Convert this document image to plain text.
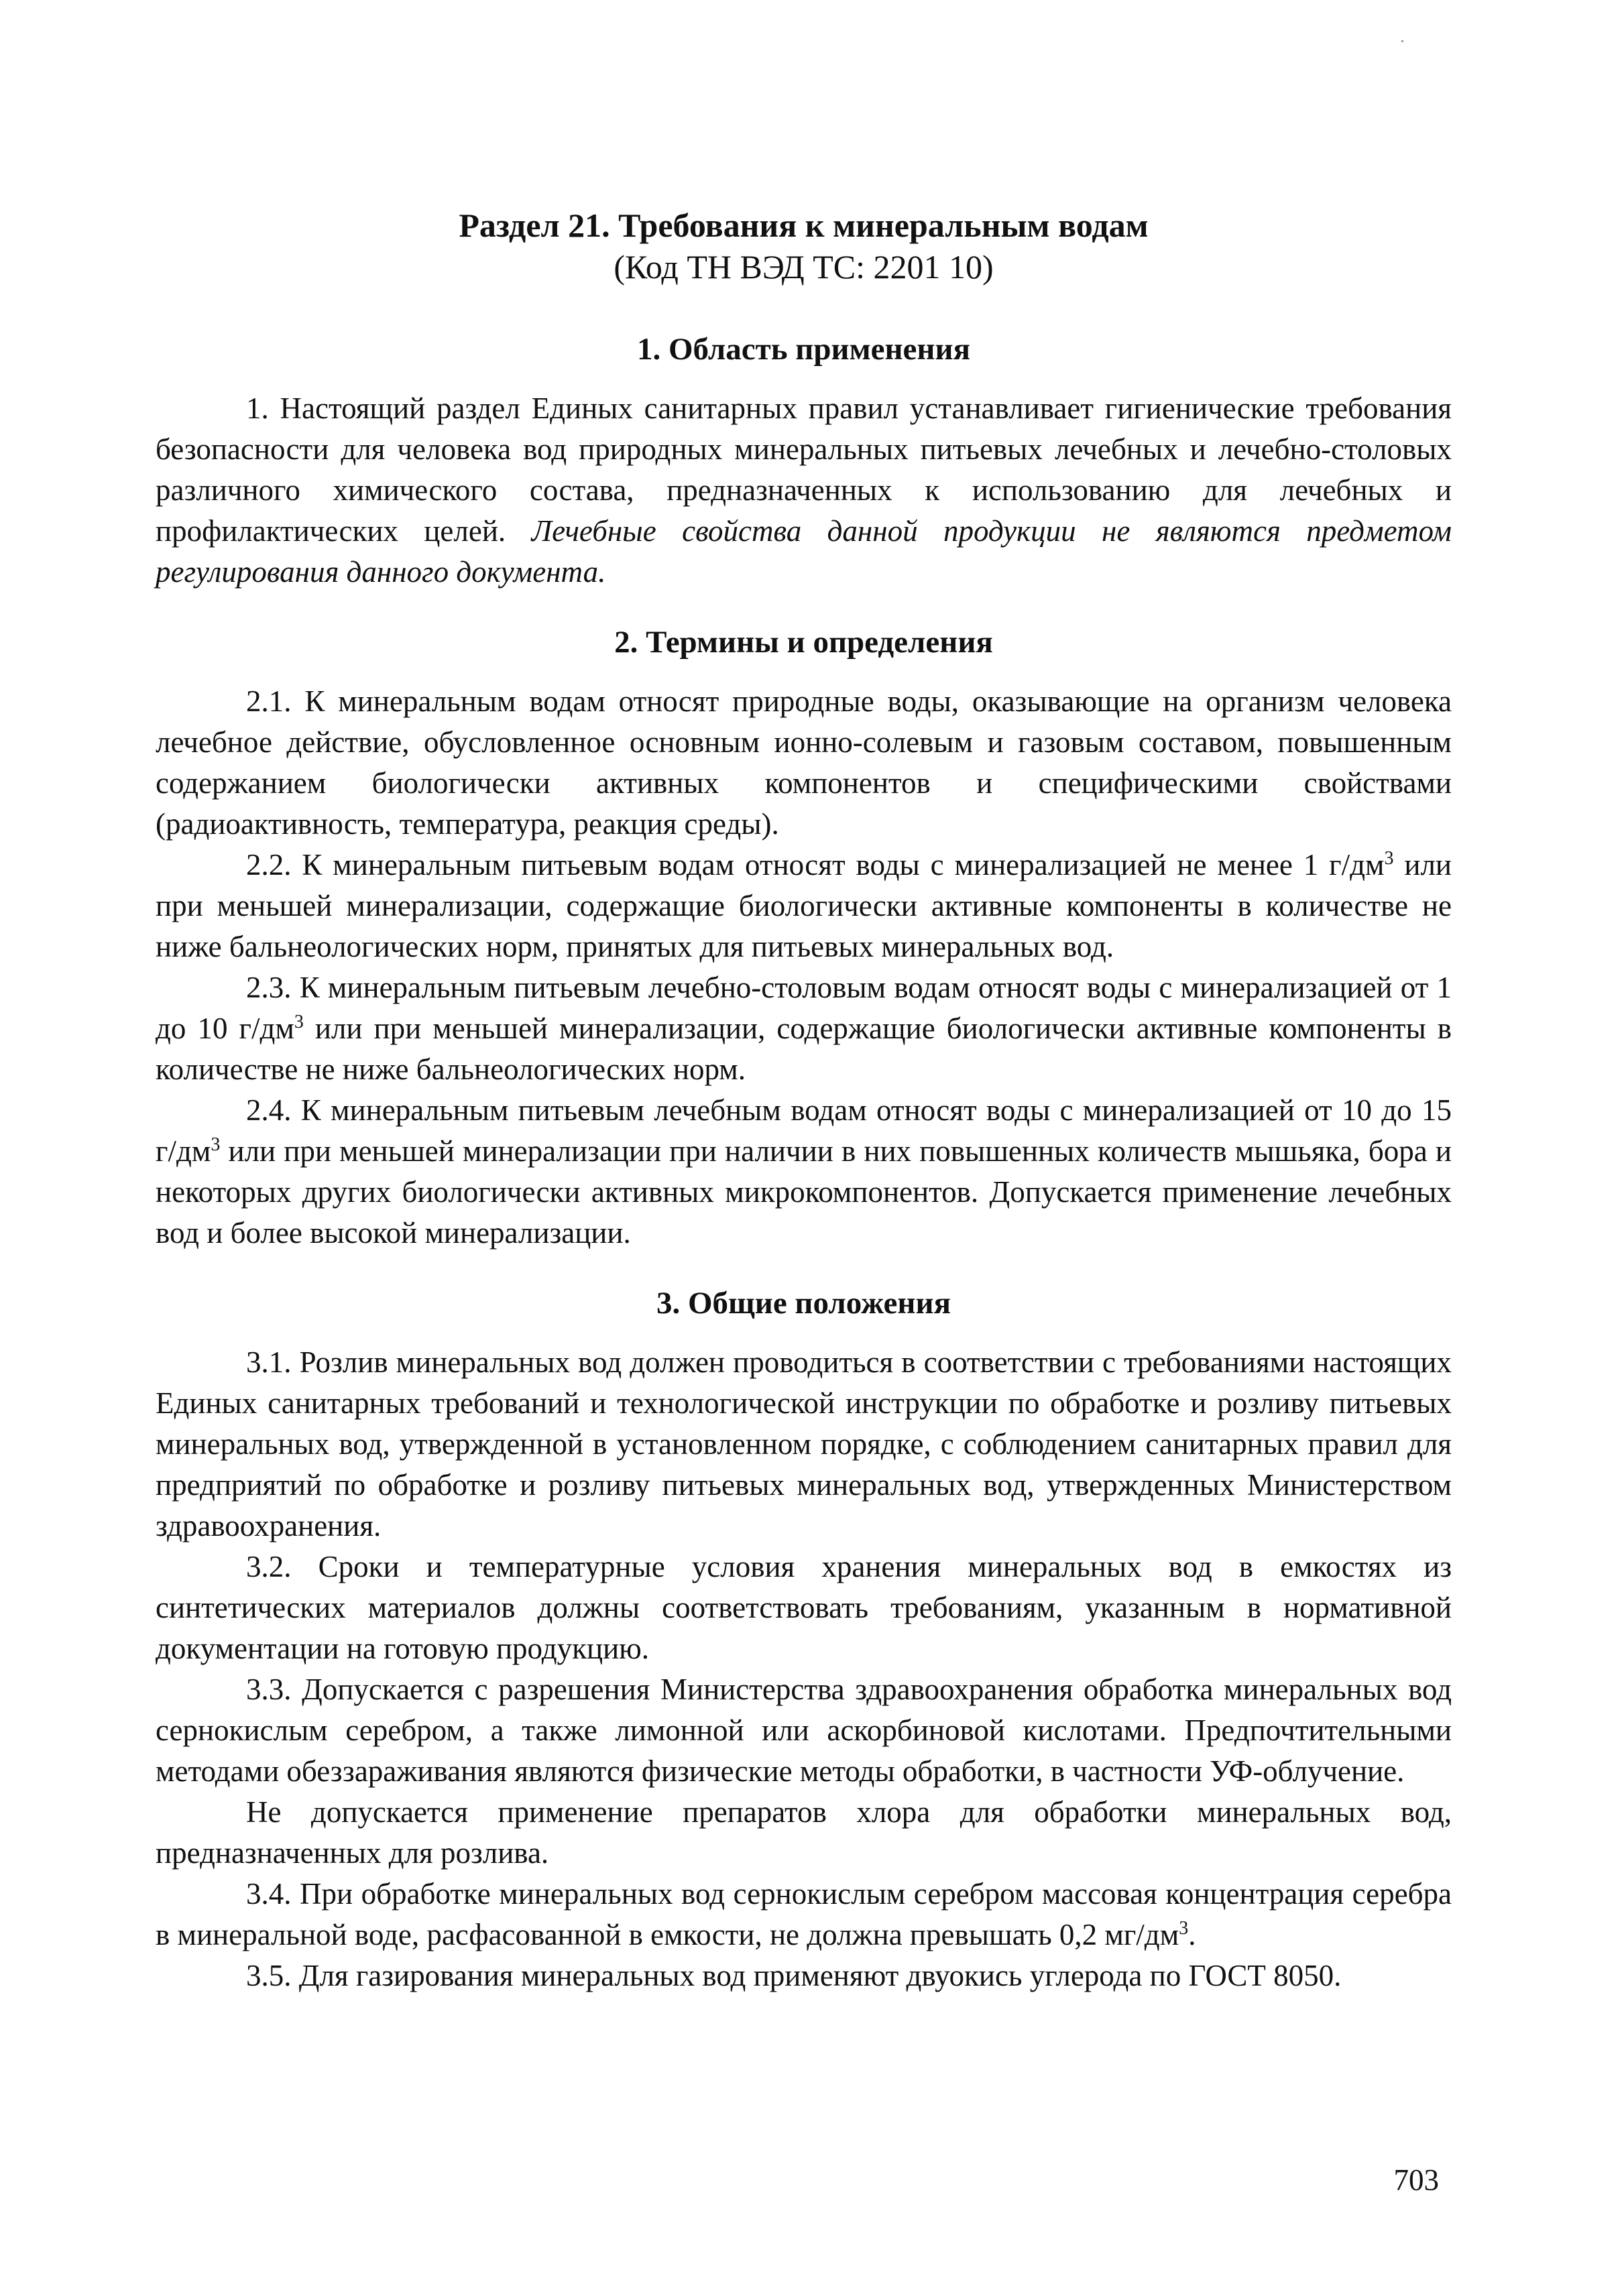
Раздел 21. Требования к минеральным водам

(Код ТН ВЭД ТС: 2201 10)

1. Область применения

1. Настоящий раздел Единых санитарных правил устанавливает гигиенические требования безопасности для человека вод природных минеральных питьевых лечебных и лечебно-столовых различного химического состава, предназначенных к использованию для лечебных и профилактических целей. Лечебные свойства данной продукции не являются предметом регулирования данного документа.

2. Термины и определения

2.1. К минеральным водам относят природные воды, оказывающие на организм человека лечебное действие, обусловленное основным ионно-солевым и газовым составом, повышенным содержанием биологически активных компонентов и специфическими свойствами (радиоактивность, температура, реакция среды).

2.2. К минеральным питьевым водам относят воды с минерализацией не менее 1 $г/дм^3$ или при меньшей минерализации, содержащие биологически активные компоненты в количестве не ниже бальнеологических норм, принятых для питьевых минеральных вод.

2.3. К минеральным питьевым лечебно-столовым водам относят воды с минерализацией от 1 до 10 $г/дм^3$ или при меньшей минерализации, содержащие биологически активные компоненты в количестве не ниже бальнеологических норм.

2.4. К минеральным питьевым лечебным водам относят воды с минерализацией от 10 до 15 $г/дм^3$ или при меньшей минерализации при наличии в них повышенных количеств мышьяка, бора и некоторых других биологически активных микрокомпонентов. Допускается применение лечебных вод и более высокой минерализации.

3. Общие положения

3.1. Розлив минеральных вод должен проводиться в соответствии с требованиями настоящих Единых санитарных требований и технологической инструкции по обработке и розливу питьевых минеральных вод, утвержденной в установленном порядке, с соблюдением санитарных правил для предприятий по обработке и розливу питьевых минеральных вод, утвержденных Министерством здравоохранения.

3.2. Сроки и температурные условия хранения минеральных вод в емкостях из синтетических материалов должны соответствовать требованиям, указанным в нормативной документации на готовую продукцию.

3.3. Допускается с разрешения Министерства здравоохранения обработка минеральных вод сернокислым серебром, а также лимонной или аскорбиновой кислотами. Предпочтительными методами обеззараживания являются физические методы обработки, в частности УФ-облучение.

Не допускается применение препаратов хлора для обработки минеральных вод, предназначенных для розлива.

3.4. При обработке минеральных вод сернокислым серебром массовая концентрация серебра в минеральной воде, расфасованной в емкости, не должна превышать 0,2 $мг/дм^3$.

3.5. Для газирования минеральных вод применяют двуокись углерода по ГОСТ 8050.

703
